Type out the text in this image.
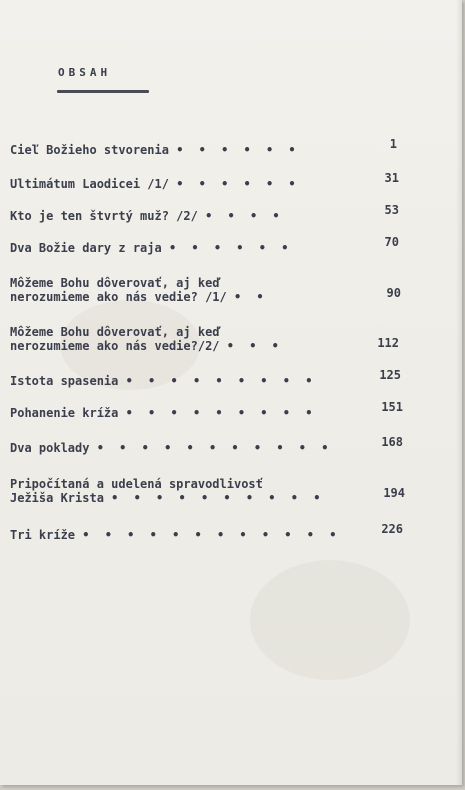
OBSAH
Cieľ Božieho stvorenia • • • • • •	1
Ultimátum Laodicei /1/ • • • • • •	31
Kto je ten štvrtý muž? /2/ • • • •	53
Dva Božie dary z raja • • • • • •	70
Môžeme Bohu dôverovať, aj keď
nerozumieme ako nás vedie? /1/ • •	90
Môžeme Bohu dôverovať, aj keď
nerozumieme ako nás vedie?/2/ • • •	112
Istota spasenia • • • • • • • • •	125
Pohanenie kríža • • • • • • • • •	151
Dva poklady • • • • • • • • • • •	168
Pripočítaná a udelená spravodlivosť
Ježiša Krista • • • • • • • • • •	194
Tri kríže • • • • • • • • • • • •	226
